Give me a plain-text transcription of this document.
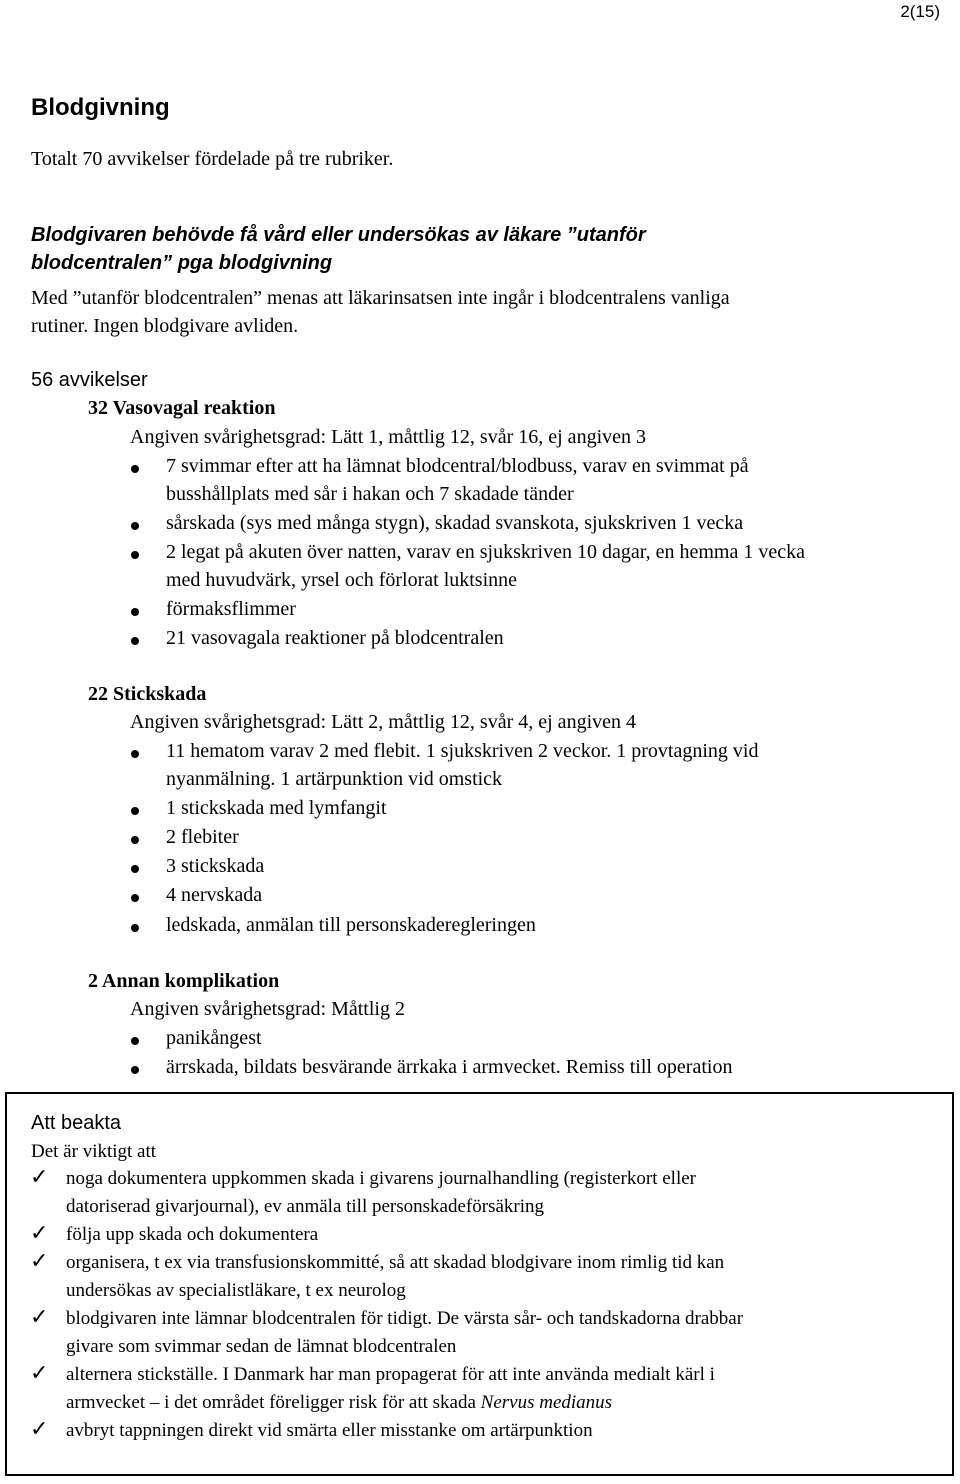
2(15)
Blodgivning
Totalt 70 avvikelser fördelade på tre rubriker.
Blodgivaren behövde få vård eller undersökas av läkare ”utanför
blodcentralen” pga blodgivning
Med ”utanför blodcentralen” menas att läkarinsatsen inte ingår i blodcentralens vanliga
rutiner. Ingen blodgivare avliden.
56 avvikelser
32 Vasovagal reaktion
Angiven svårighetsgrad: Lätt 1, måttlig 12, svår 16, ej angiven 3
7 svimmar efter att ha lämnat blodcentral/blodbuss, varav en svimmat på
busshållplats med sår i hakan och 7 skadade tänder
sårskada (sys med många stygn), skadad svanskota, sjukskriven 1 vecka
2 legat på akuten över natten, varav en sjukskriven 10 dagar, en hemma 1 vecka
med huvudvärk, yrsel och förlorat luktsinne
förmaksflimmer
21 vasovagala reaktioner på blodcentralen
22 Stickskada
Angiven svårighetsgrad: Lätt 2, måttlig 12, svår 4, ej angiven 4
11 hematom varav 2 med flebit. 1 sjukskriven 2 veckor. 1 provtagning vid
nyanmälning. 1 artärpunktion vid omstick
1 stickskada med lymfangit
2 flebiter
3 stickskada
4 nervskada
ledskada, anmälan till personskaderegleringen
2 Annan komplikation
Angiven svårighetsgrad: Måttlig 2
panikångest
ärrskada, bildats besvärande ärrkaka i armvecket. Remiss till operation
Att beakta
Det är viktigt att
✓ noga dokumentera uppkommen skada i givarens journalhandling (registerkort eller
datoriserad givarjournal), ev anmäla till personskadeförsäkring
✓ följa upp skada och dokumentera
✓ organisera, t ex via transfusionskommitté, så att skadad blodgivare inom rimlig tid kan
undersökas av specialistläkare, t ex neurolog
✓ blodgivaren inte lämnar blodcentralen för tidigt. De värsta sår- och tandskadorna drabbar
givare som svimmar sedan de lämnat blodcentralen
✓ alternera stickställe. I Danmark har man propagerat för att inte använda medialt kärl i
armvecket – i det området föreligger risk för att skada Nervus medianus
✓ avbryt tappningen direkt vid smärta eller misstanke om artärpunktion
